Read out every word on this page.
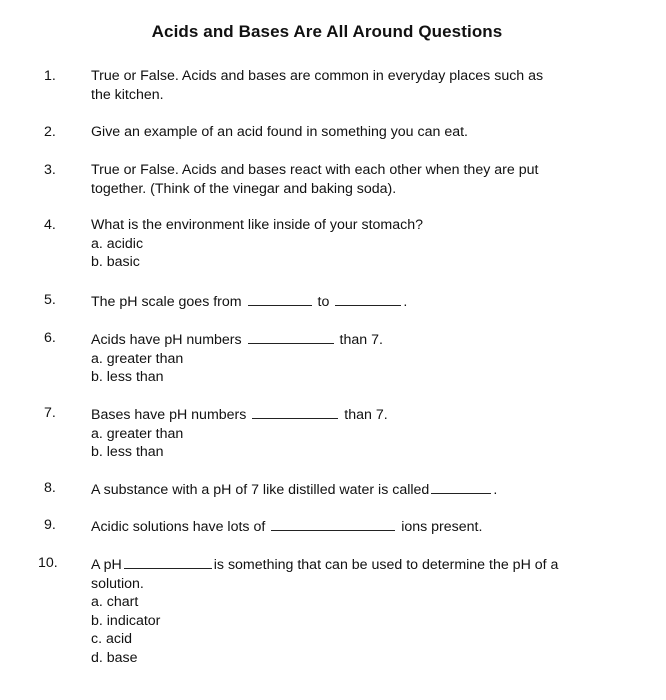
Acids and Bases Are All Around Questions
1. True or False. Acids and bases are common in everyday places such as
the kitchen.
2. Give an example of an acid found in something you can eat.
3. True or False. Acids and bases react with each other when they are put
together. (Think of the vinegar and baking soda).
4. What is the environment like inside of your stomach?
a. acidic
b. basic
5. The pH scale goes from	to	.
6. Acids have pH numbers	than 7.
a. greater than
b. less than
7. Bases have pH numbers	than 7.
a. greater than
b. less than
8. A substance with a pH of 7 like distilled water is called	.
9. Acidic solutions have lots of	ions present.
10. A pH	is something that can be used to determine the pH of a
solution.
a. chart
b. indicator
c. acid
d. base
